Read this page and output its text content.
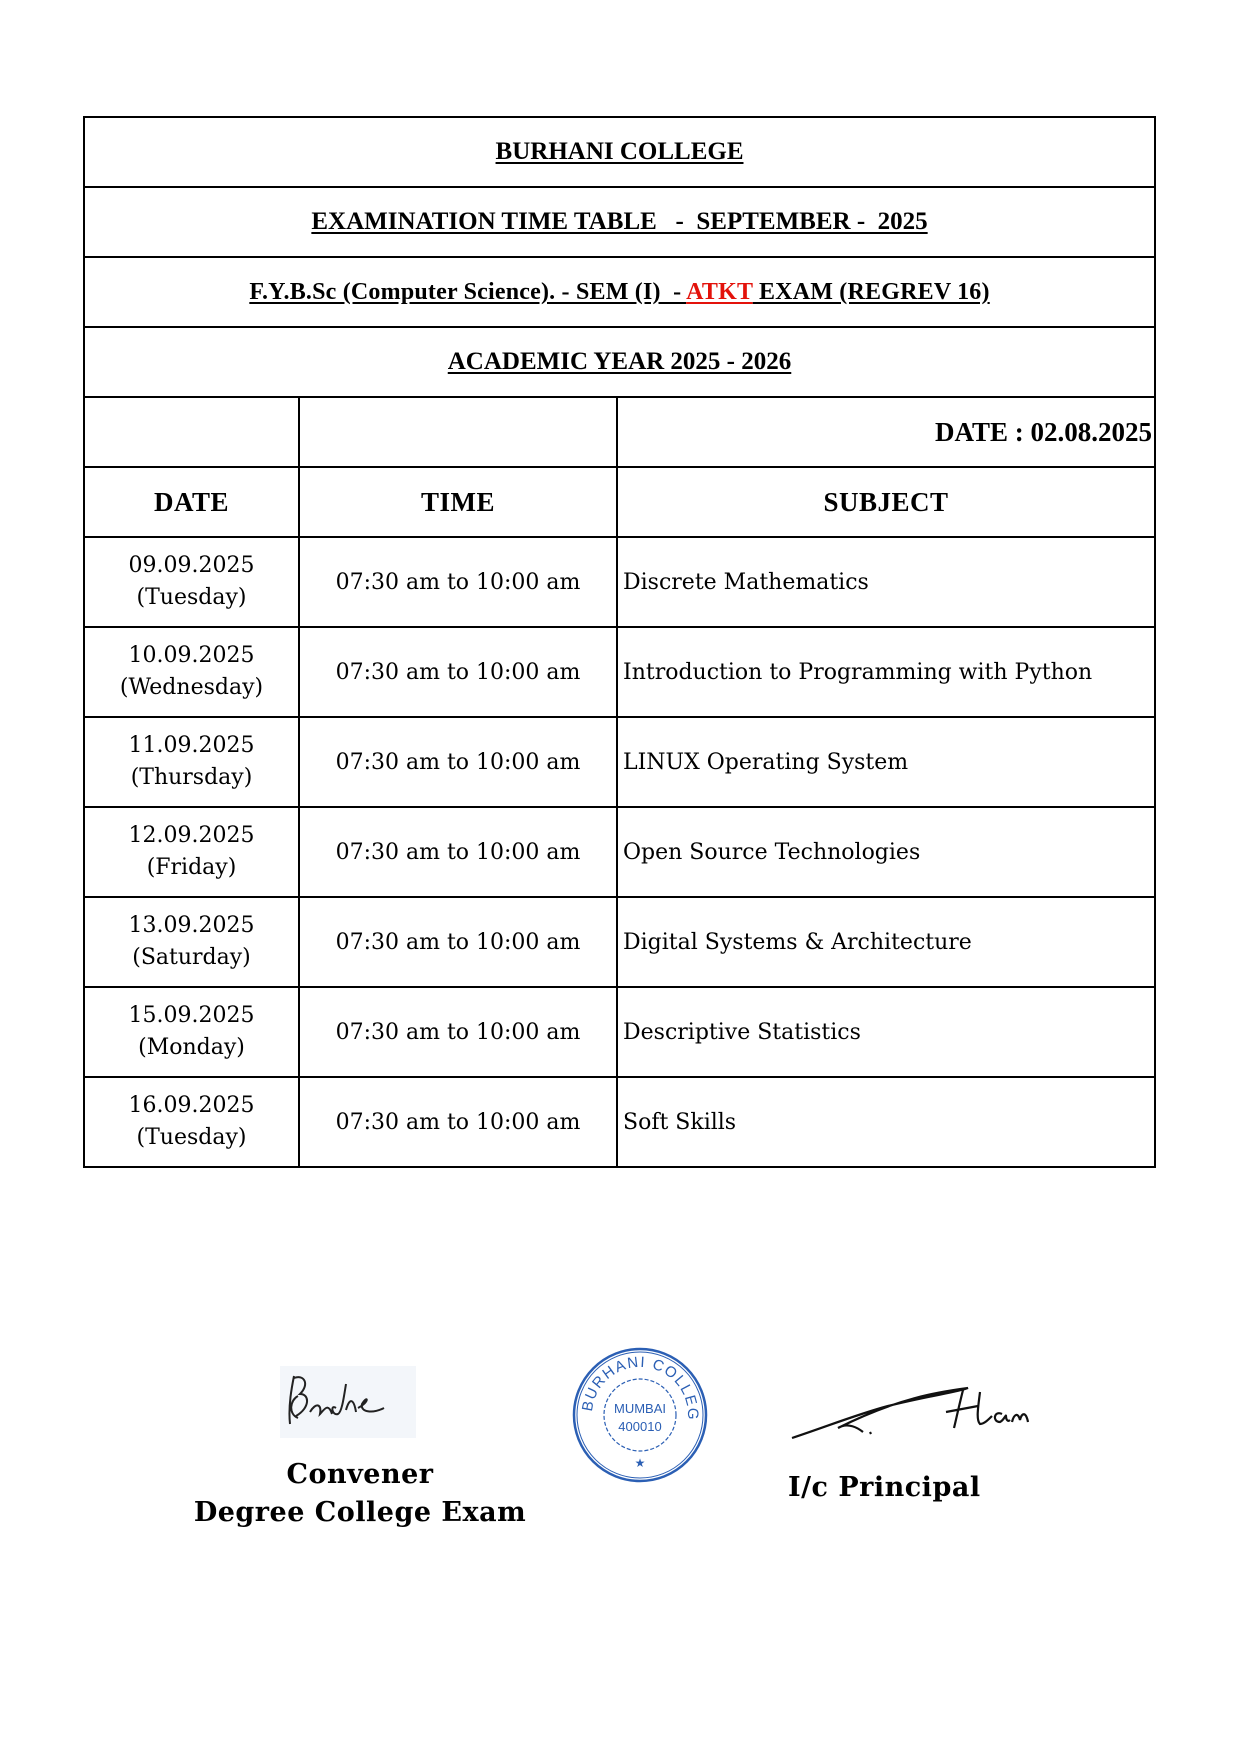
BURHANI COLLEGE		
EXAMINATION TIME TABLE   -  SEPTEMBER -  2025		
F.Y.B.Sc (Computer Science). - SEM (I)  - ATKT EXAM (REGREV 16)		
ACADEMIC YEAR 2025 - 2026		
		DATE : 02.08.2025
DATE	TIME	SUBJECT

09.09.2025
(Tuesday)	07:30 am to 10:00 am	Discrete Mathematics

10.09.2025
(Wednesday)	07:30 am to 10:00 am	Introduction to Programming with Python

11.09.2025
(Thursday)	07:30 am to 10:00 am	LINUX Operating System

12.09.2025
(Friday)	07:30 am to 10:00 am	Open Source Technologies

13.09.2025
(Saturday)	07:30 am to 10:00 am	Digital Systems & Architecture

15.09.2025
(Monday)	07:30 am to 10:00 am	Descriptive Statistics

16.09.2025
(Tuesday)	07:30 am to 10:00 am	Soft Skills
Convener
Degree College Exam
BURHANI COLLEG
MUMBAI
400010
★
I/c Principal
